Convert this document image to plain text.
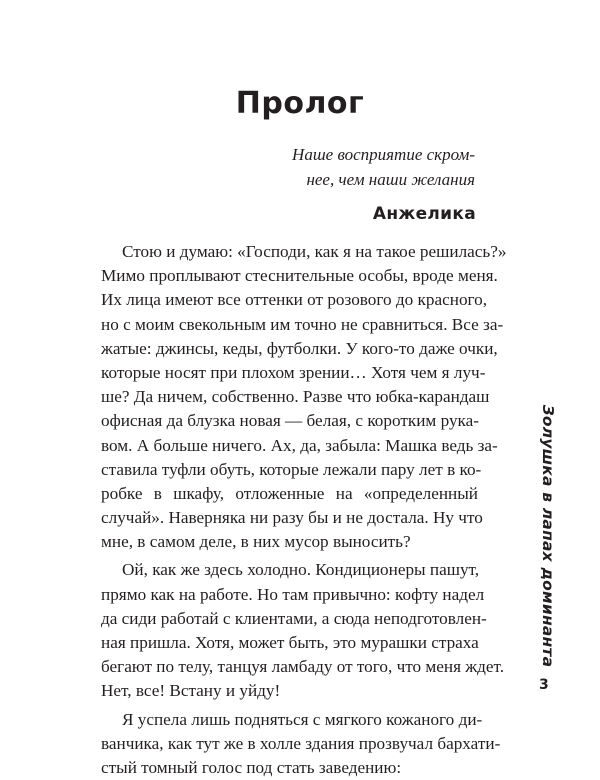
Пролог
Наше восприятие скром-
нее, чем наши желания
Анжелика
Стою и думаю: «Господи, как я на такое решилась?»
Мимо проплывают стеснительные особы, вроде меня.
Их лица имеют все оттенки от розового до красного,
но с моим свекольным им точно не сравниться. Все за-
жатые: джинсы, кеды, футболки. У кого-то даже очки,
которые носят при плохом зрении… Хотя чем я луч-
ше? Да ничем, собственно. Разве что юбка-карандаш
офисная да блузка новая — белая, с коротким рука-
вом. А больше ничего. Ах, да, забыла: Машка ведь за-
ставила туфли обуть, которые лежали пару лет в ко-
робке в шкафу, отложенные на «определенный
случай». Наверняка ни разу бы и не достала. Ну что
мне, в самом деле, в них мусор выносить?
Ой, как же здесь холодно. Кондиционеры пашут,
прямо как на работе. Но там привычно: кофту надел
да сиди работай с клиентами, а сюда неподготовлен-
ная пришла. Хотя, может быть, это мурашки страха
бегают по телу, танцуя ламбаду от того, что меня ждет.
Нет, все! Встану и уйду!
Я успела лишь подняться с мягкого кожаного ди-
ванчика, как тут же в холле здания прозвучал бархати-
стый томный голос под стать заведению:
Золушка в лапах доминанта
3
